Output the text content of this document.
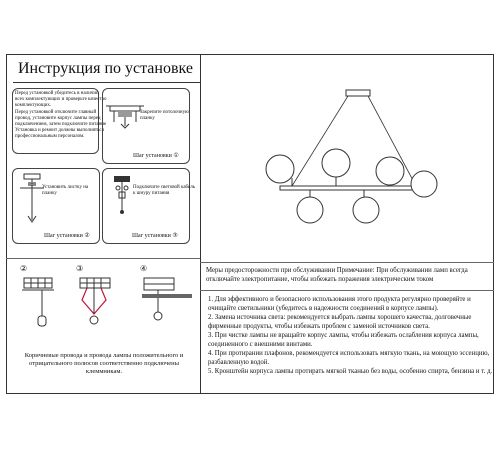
Инструкция по установке
Перед установкой убедитесь в наличии
всех комплектующих и проверьте качество
комплектующих.
Перед установкой отключите главный
провод, установите корпус лампы перед
подключением, затем подключите питание
Установка и ремонт должны выполняться
профессиональным персоналом.
Закрепите потолочную
планку
Шаг установки ①
Установить листку на
планку
Шаг установки ②
Подключите световой кабель
к шнуру питания
Шаг установки ③
②	③	④
Коричневые провода и провода лампы положительного и
отрицательного полюсов соответственно подключены
клеммникам.
Меры предосторожности при обслуживании Примечание: При обслуживании ламп всегда
отключайте электропитание, чтобы избежать поражения электрическим током
1. Для эффективного и безопасного использования этого продукта регулярно проверяйте и
очищайте светильники (убедитесь в надежности соединений в корпусе лампы).
2. Замена источника света: рекомендуется выбрать лампы хорошего качества, долговечные
фирменные продукты, чтобы избежать проблем с заменой источников света.
3. При чистке лампы не вращайте корпус лампы, чтобы избежать ослабления корпуса лампы,
соединенного с внешними винтами.
4. При протирании плафонов, рекомендуется использовать мягкую ткань, на моющую эссенцию,
разбавленную водой.
5. Кронштейн корпуса лампы протирать мягкой тканью без воды, особенно спирта, бензина и т. д.
